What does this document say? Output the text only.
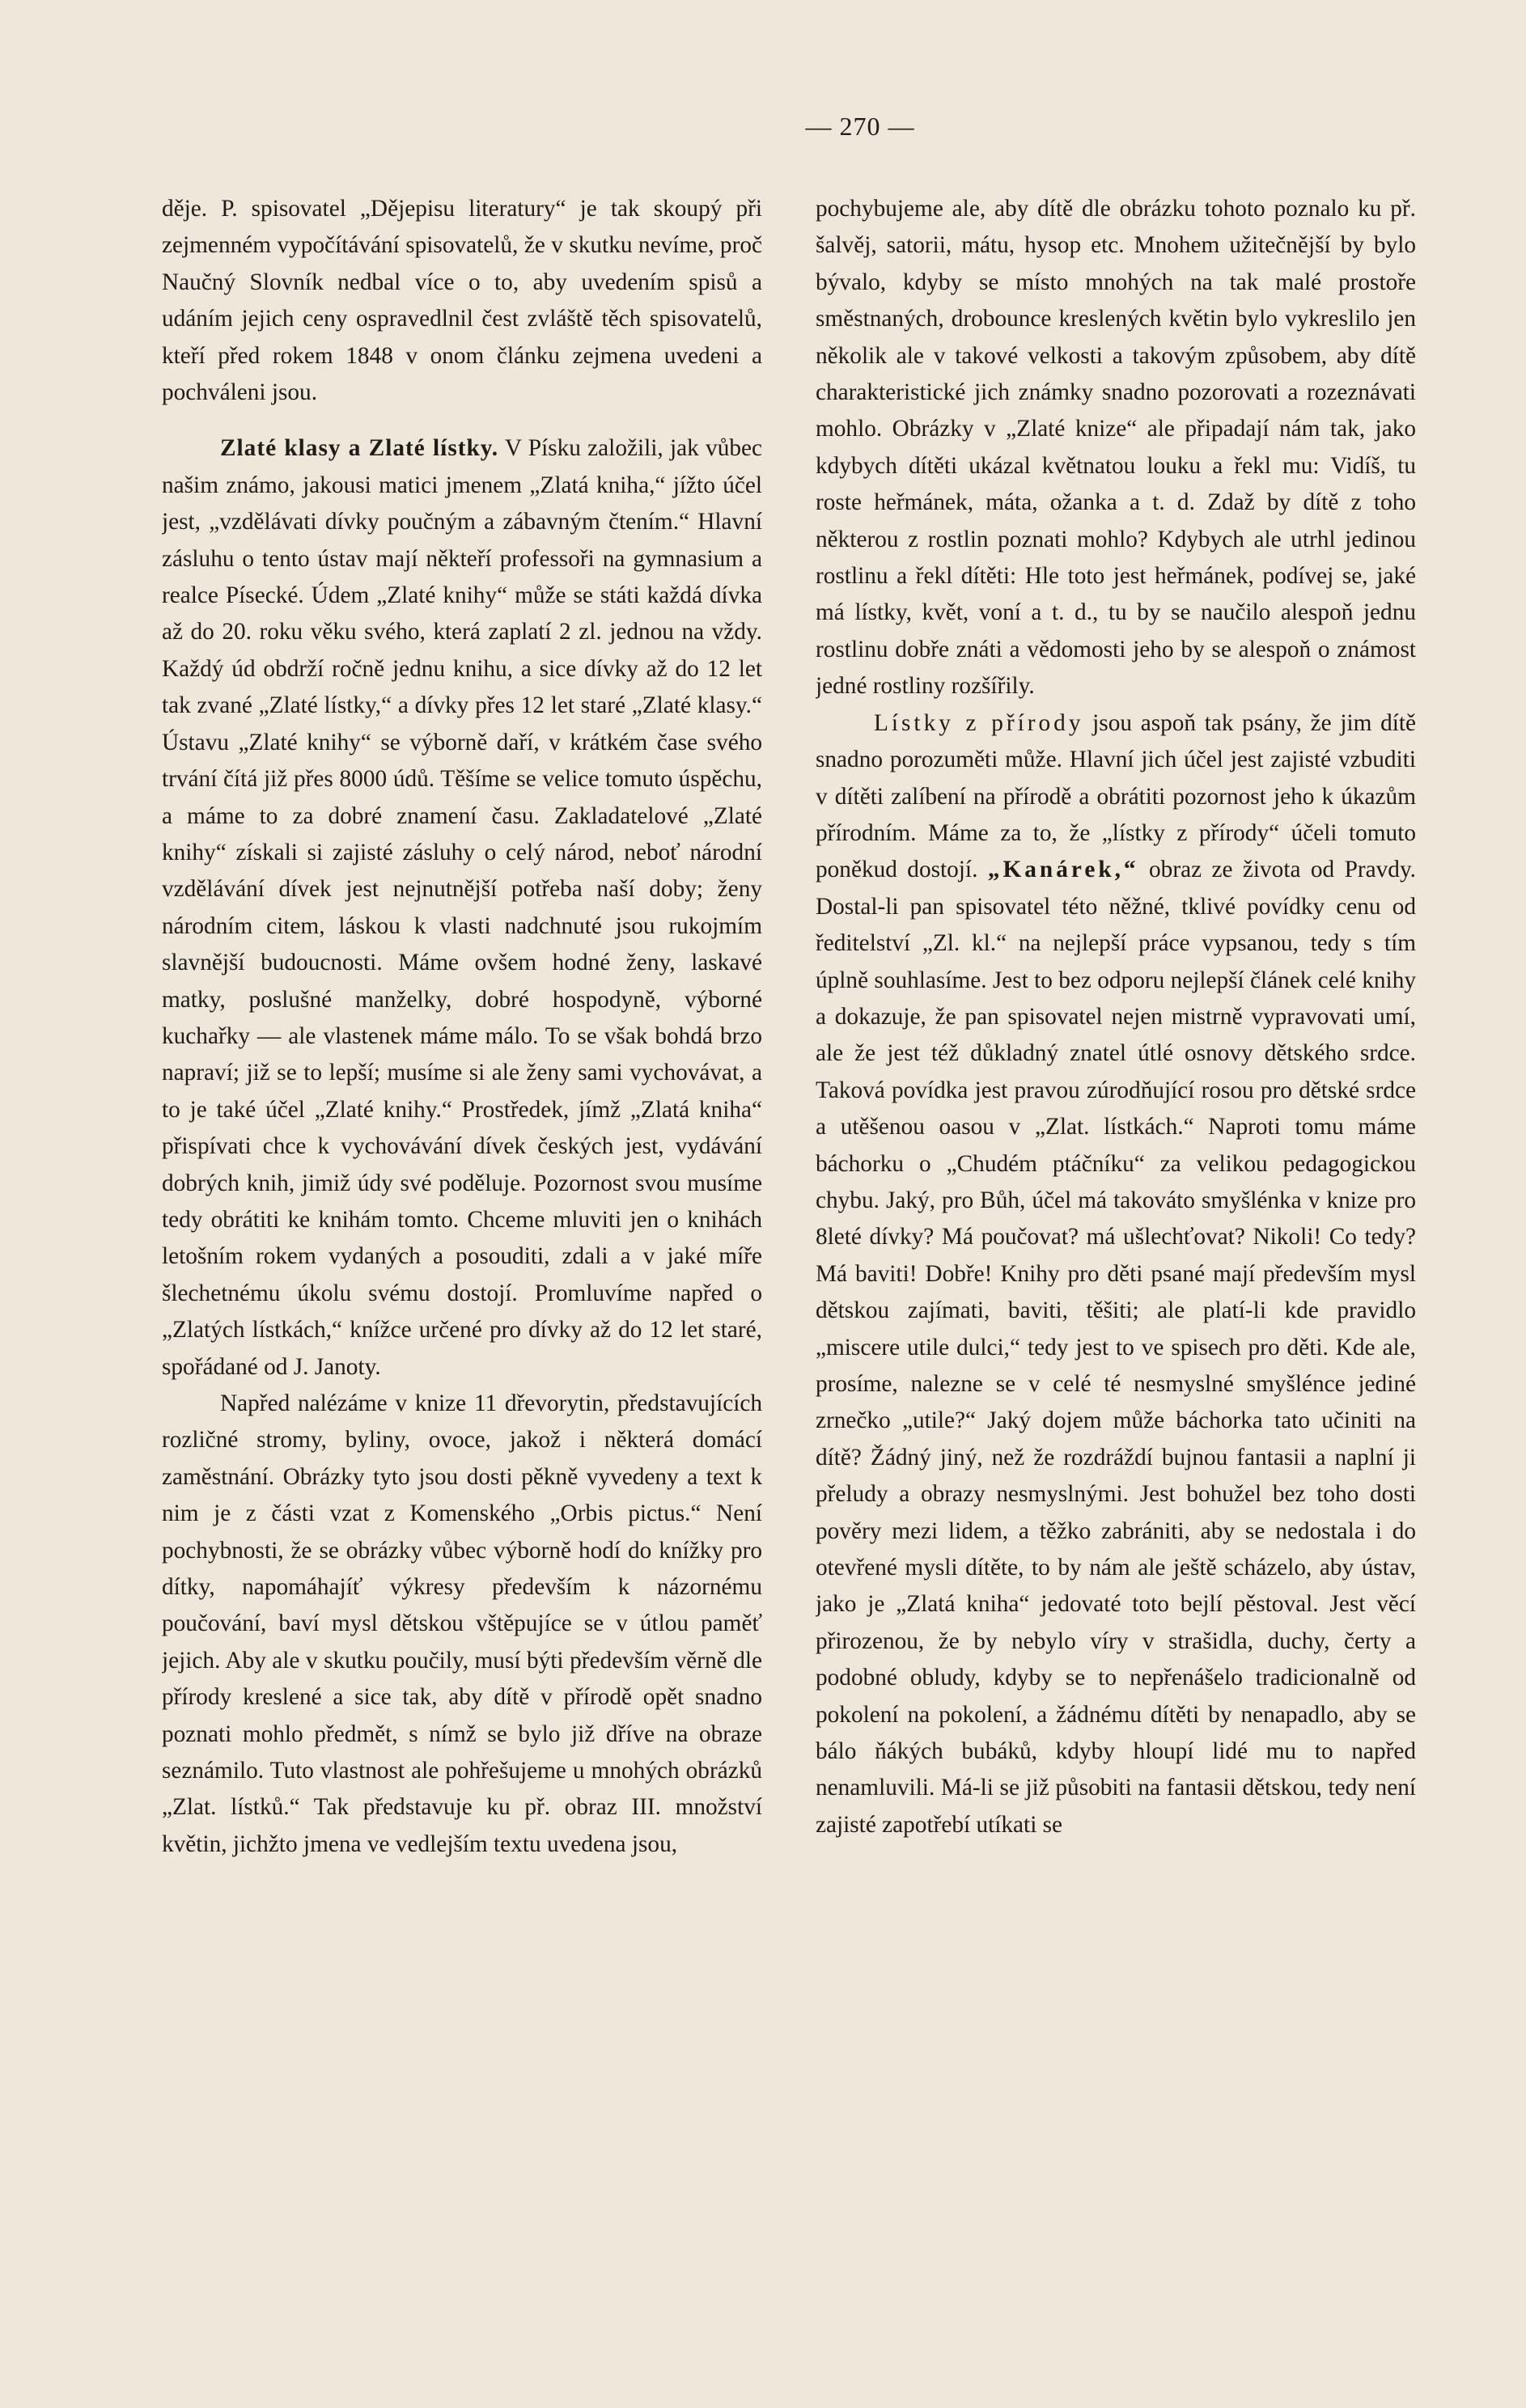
— 270 —

děje. P. spisovatel „Dějepisu literatury“ je tak skoupý při zejmenném vypočítávání spisovatelů, že v skutku nevíme, proč Naučný Slovník nedbal více o to, aby uvedením spisů a udáním jejich ceny ospravedlnil čest zvláště těch spisovatelů, kteří před rokem 1848 v onom článku zejmena uvedeni a pochváleni jsou.

Zlaté klasy a Zlaté lístky. V Písku založili, jak vůbec našim známo, jakousi matici jmenem „Zlatá kniha,“ jížto účel jest, „vzdělávati dívky poučným a zábavným čtením.“ Hlavní zásluhu o tento ústav mají někteří professoři na gymnasium a realce Písecké. Údem „Zlaté knihy“ může se státi každá dívka až do 20. roku věku svého, která zaplatí 2 zl. jednou na vždy. Každý úd obdrží ročně jednu knihu, a sice dívky až do 12 let tak zvané „Zlaté lístky,“ a dívky přes 12 let staré „Zlaté klasy.“ Ústavu „Zlaté knihy“ se výborně daří, v krátkém čase svého trvání čítá již přes 8000 údů. Těšíme se velice tomuto úspěchu, a máme to za dobré znamení času. Zakladatelové „Zlaté knihy“ získali si zajisté zásluhy o celý národ, neboť národní vzdělávání dívek jest nejnutnější potřeba naší doby; ženy národním citem, láskou k vlasti nadchnuté jsou rukojmím slavnější budoucnosti. Máme ovšem hodné ženy, laskavé matky, poslušné manželky, dobré hospodyně, výborné kuchařky — ale vlastenek máme málo. To se však bohdá brzo napraví; již se to lepší; musíme si ale ženy sami vychovávat, a to je také účel „Zlaté knihy.“ Prostředek, jímž „Zlatá kniha“ přispívati chce k vychovávání dívek českých jest, vydávání dobrých knih, jimiž údy své poděluje. Pozornost svou musíme tedy obrátiti ke knihám tomto. Chceme mluviti jen o knihách letošním rokem vydaných a posouditi, zdali a v jaké míře šlechetnému úkolu svému dostojí. Promluvíme napřed o „Zlatých lístkách,“ knížce určené pro dívky až do 12 let staré, spořádané od J. Janoty.

Napřed nalézáme v knize 11 dřevorytin, představujících rozličné stromy, byliny, ovoce, jakož i některá domácí zaměstnání. Obrázky tyto jsou dosti pěkně vyvedeny a text k nim je z části vzat z Komenského „Orbis pictus.“ Není pochybnosti, že se obrázky vůbec výborně hodí do knížky pro dítky, napomáhajíť výkresy především k názornému poučování, baví mysl dětskou vštěpujíce se v útlou paměť jejich. Aby ale v skutku poučily, musí býti především věrně dle přírody kreslené a sice tak, aby dítě v přírodě opět snadno poznati mohlo předmět, s nímž se bylo již dříve na obraze seznámilo. Tuto vlastnost ale pohřešujeme u mnohých obrázků „Zlat. lístků.“ Tak představuje ku př. obraz III. množství květin, jichžto jmena ve vedlejším textu uvedena jsou,

pochybujeme ale, aby dítě dle obrázku tohoto poznalo ku př. šalvěj, satorii, mátu, hysop etc. Mnohem užitečnější by bylo bývalo, kdyby se místo mnohých na tak malé prostoře směstnaných, drobounce kreslených květin bylo vykreslilo jen několik ale v takové velkosti a takovým způsobem, aby dítě charakteristické jich známky snadno pozorovati a rozeznávati mohlo. Obrázky v „Zlaté knize“ ale připadají nám tak, jako kdybych dítěti ukázal květnatou louku a řekl mu: Vidíš, tu roste heřmánek, máta, ožanka a t. d. Zdaž by dítě z toho některou z rostlin poznati mohlo? Kdybych ale utrhl jedinou rostlinu a řekl dítěti: Hle toto jest heřmánek, podívej se, jaké má lístky, květ, voní a t. d., tu by se naučilo alespoň jednu rostlinu dobře znáti a vědomosti jeho by se alespoň o známost jedné rostliny rozšířily.

Lístky z přírody jsou aspoň tak psány, že jim dítě snadno porozuměti může. Hlavní jich účel jest zajisté vzbuditi v dítěti zalíbení na přírodě a obrátiti pozornost jeho k úkazům přírodním. Máme za to, že „lístky z přírody“ účeli tomuto poněkud dostojí. „Kanárek,“ obraz ze života od Pravdy. Dostal-li pan spisovatel této něžné, tklivé povídky cenu od ředitelství „Zl. kl.“ na nejlepší práce vypsanou, tedy s tím úplně souhlasíme. Jest to bez odporu nejlepší článek celé knihy a dokazuje, že pan spisovatel nejen mistrně vypravovati umí, ale že jest též důkladný znatel útlé osnovy dětského srdce. Taková povídka jest pravou zúrodňující rosou pro dětské srdce a utěšenou oasou v „Zlat. lístkách.“ Naproti tomu máme báchorku o „Chudém ptáčníku“ za velikou pedagogickou chybu. Jaký, pro Bůh, účel má takováto smyšlénka v knize pro 8leté dívky? Má poučovat? má ušlechťovat? Nikoli! Co tedy? Má baviti! Dobře! Knihy pro děti psané mají především mysl dětskou zajímati, baviti, těšiti; ale platí-li kde pravidlo „miscere utile dulci,“ tedy jest to ve spisech pro děti. Kde ale, prosíme, nalezne se v celé té nesmyslné smyšlénce jediné zrnečko „utile?“ Jaký dojem může báchorka tato učiniti na dítě? Žádný jiný, než že rozdráždí bujnou fantasii a naplní ji přeludy a obrazy nesmyslnými. Jest bohužel bez toho dosti pověry mezi lidem, a těžko zabrániti, aby se nedostala i do otevřené mysli dítěte, to by nám ale ještě scházelo, aby ústav, jako je „Zlatá kniha“ jedovaté toto bejlí pěstoval. Jest věcí přirozenou, že by nebylo víry v strašidla, duchy, čerty a podobné obludy, kdyby se to nepřenášelo tradicionalně od pokolení na pokolení, a žádnému dítěti by nenapadlo, aby se bálo ňákých bubáků, kdyby hloupí lidé mu to napřed nenamluvili. Má-li se již působiti na fantasii dětskou, tedy není zajisté zapotřebí utíkati se
